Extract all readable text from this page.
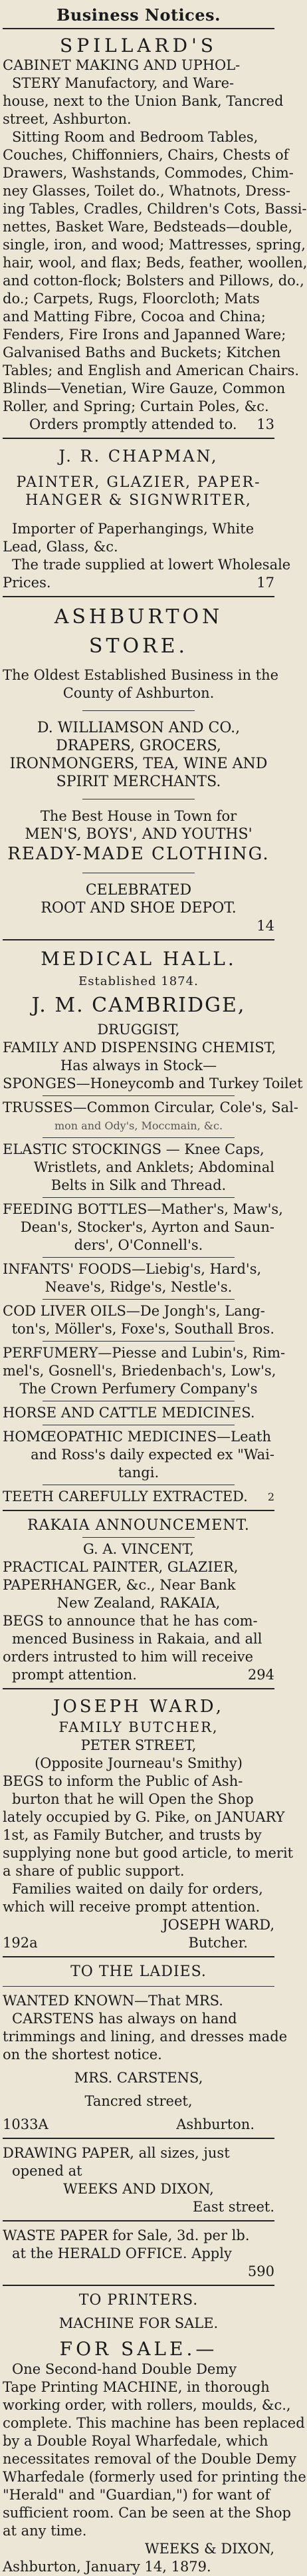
Business Notices.
SPILLARD'S
CABINET MAKING AND UPHOL-
STERY Manufactory, and Ware-
house, next to the Union Bank, Tancred
street, Ashburton.
Sitting Room and Bedroom Tables,
Couches, Chiffonniers, Chairs, Chests of
Drawers, Washstands, Commodes, Chim-
ney Glasses, Toilet do., Whatnots, Dress-
ing Tables, Cradles, Children's Cots, Bassi-
nettes, Basket Ware, Bedsteads—double,
single, iron, and wood; Mattresses, spring,
hair, wool, and flax; Beds, feather, woollen,
and cotton-flock; Bolsters and Pillows, do.,
do.; Carpets, Rugs, Floorcloth; Mats
and Matting Fibre, Cocoa and China;
Fenders, Fire Irons and Japanned Ware;
Galvanised Baths and Buckets; Kitchen
Tables; and English and American Chairs.
Blinds—Venetian, Wire Gauze, Common
Roller, and Spring; Curtain Poles, &c.
Orders promptly attended to. 13
J. R. CHAPMAN,
PAINTER, GLAZIER, PAPER-
HANGER & SIGNWRITER,
Importer of Paperhangings, White
Lead, Glass, &c.
The trade supplied at lowert Wholesale
Prices.	17
ASHBURTON STORE.
The Oldest Established Business in the
County of Ashburton.
D. WILLIAMSON AND CO.,
DRAPERS, GROCERS,
IRONMONGERS, TEA, WINE AND
SPIRIT MERCHANTS.
The Best House in Town for
MEN'S, BOYS', AND YOUTHS'
READY-MADE CLOTHING.
CELEBRATED
ROOT AND SHOE DEPOT.
14
MEDICAL HALL.
Established 1874.
J. M. CAMBRIDGE,
DRUGGIST,
FAMILY AND DISPENSING CHEMIST,
Has always in Stock—
SPONGES—Honeycomb and Turkey Toilet
TRUSSES—Common Circular, Cole's, Sal-
mon and Ody's, Moccmain, &c.
ELASTIC STOCKINGS — Knee Caps,
Wristlets, and Anklets; Abdominal
Belts in Silk and Thread.
FEEDING BOTTLES—Mather's, Maw's,
Dean's, Stocker's, Ayrton and Saun-
ders', O'Connell's.
INFANTS' FOODS—Liebig's, Hard's,
Neave's, Ridge's, Nestle's.
COD LIVER OILS—De Jongh's, Lang-
ton's, Möller's, Foxe's, Southall Bros.
PERFUMERY—Piesse and Lubin's, Rim-
mel's, Gosnell's, Briedenbach's, Low's,
The Crown Perfumery Company's
HORSE AND CATTLE MEDICINES.
HOMŒOPATHIC MEDICINES—Leath
and Ross's daily expected ex "Wai-
tangi.
TEETH CAREFULLY EXTRACTED. 2
RAKAIA ANNOUNCEMENT.
G. A. VINCENT,
PRACTICAL PAINTER, GLAZIER,
PAPERHANGER, &c., Near Bank
New Zealand, RAKAIA,
BEGS to announce that he has com-
menced Business in Rakaia, and all
orders intrusted to him will receive
prompt attention.	294
JOSEPH WARD,
FAMILY BUTCHER,
PETER STREET,
(Opposite Journeau's Smithy)
BEGS to inform the Public of Ash-
burton that he will Open the Shop
lately occupied by G. Pike, on JANUARY
1st, as Family Butcher, and trusts by
supplying none but good article, to merit
a share of public support.
Families waited on daily for orders,
which will receive prompt attention.
JOSEPH WARD,
192a	Butcher.
TO THE LADIES.
WANTED KNOWN—That MRS.
CARSTENS has always on hand
trimmings and lining, and dresses made
on the shortest notice.
MRS. CARSTENS,
Tancred street,
1033A	Ashburton.
DRAWING PAPER, all sizes, just
opened at
WEEKS AND DIXON,
East street.
WASTE PAPER for Sale, 3d. per lb.
at the HERALD OFFICE. Apply
590
TO PRINTERS.
MACHINE FOR SALE.
FOR SALE.—
One Second-hand Double Demy
Tape Printing MACHINE, in thorough
working order, with rollers, moulds, &c.,
complete. This machine has been replaced
by a Double Royal Wharfedale, which
necessitates removal of the Double Demy
Wharfedale (formerly used for printing the
"Herald" and "Guardian,") for want of
sufficient room. Can be seen at the Shop
at any time.
WEEKS & DIXON,
Ashburton, January 14, 1879.
